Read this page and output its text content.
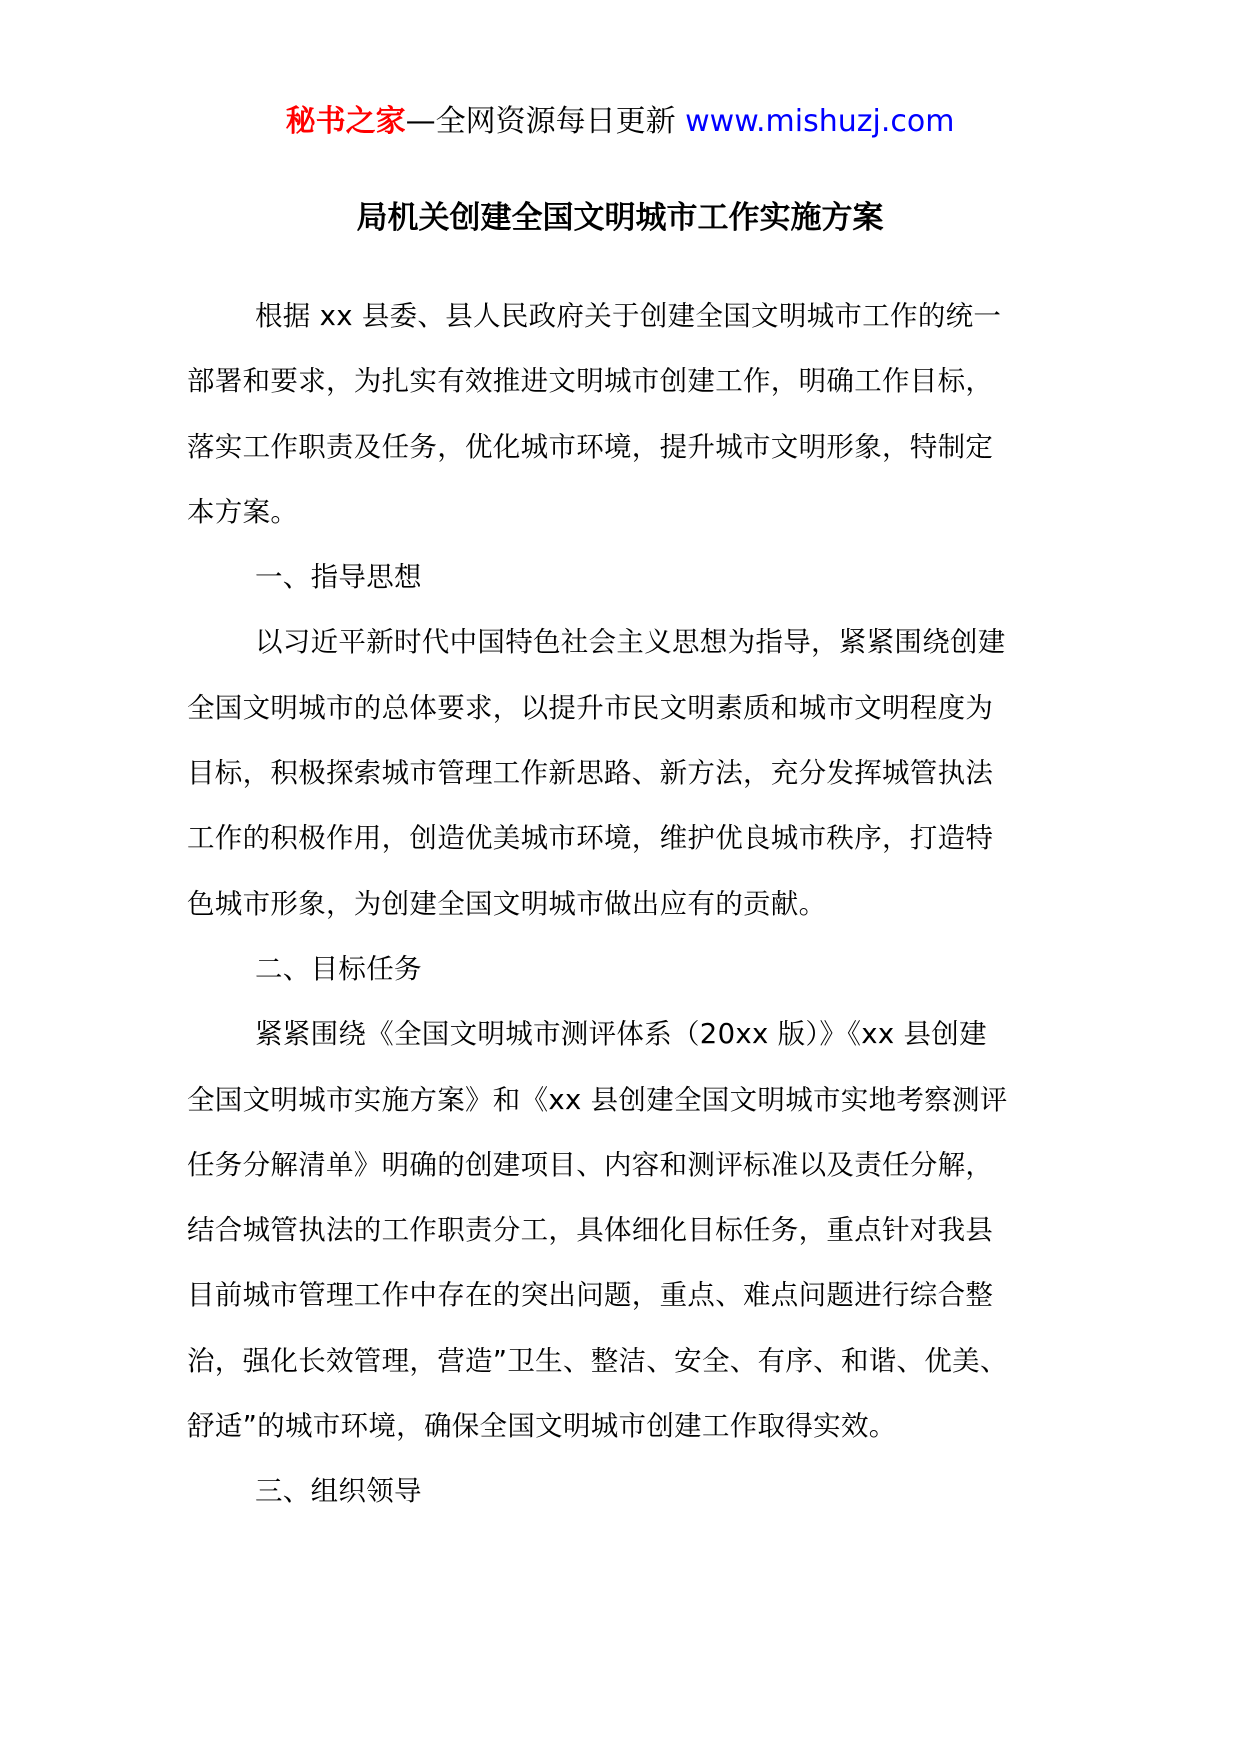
秘书之家—全网资源每日更新 www.mishuzj.com
局机关创建全国文明城市工作实施方案
根据 xx 县委、县人民政府关于创建全国文明城市工作的统一
部署和要求，为扎实有效推进文明城市创建工作，明确工作目标，
落实工作职责及任务，优化城市环境，提升城市文明形象，特制定
本方案。
一、指导思想
以习近平新时代中国特色社会主义思想为指导，紧紧围绕创建
全国文明城市的总体要求，以提升市民文明素质和城市文明程度为
目标，积极探索城市管理工作新思路、新方法，充分发挥城管执法
工作的积极作用，创造优美城市环境，维护优良城市秩序，打造特
色城市形象，为创建全国文明城市做出应有的贡献。
二、目标任务
紧紧围绕《全国文明城市测评体系（20xx 版）》《xx 县创建
全国文明城市实施方案》和《xx 县创建全国文明城市实地考察测评
任务分解清单》明确的创建项目、内容和测评标准以及责任分解，
结合城管执法的工作职责分工，具体细化目标任务，重点针对我县
目前城市管理工作中存在的突出问题，重点、难点问题进行综合整
治，强化长效管理，营造”卫生、整洁、安全、有序、和谐、优美、
舒适”的城市环境，确保全国文明城市创建工作取得实效。
三、组织领导
